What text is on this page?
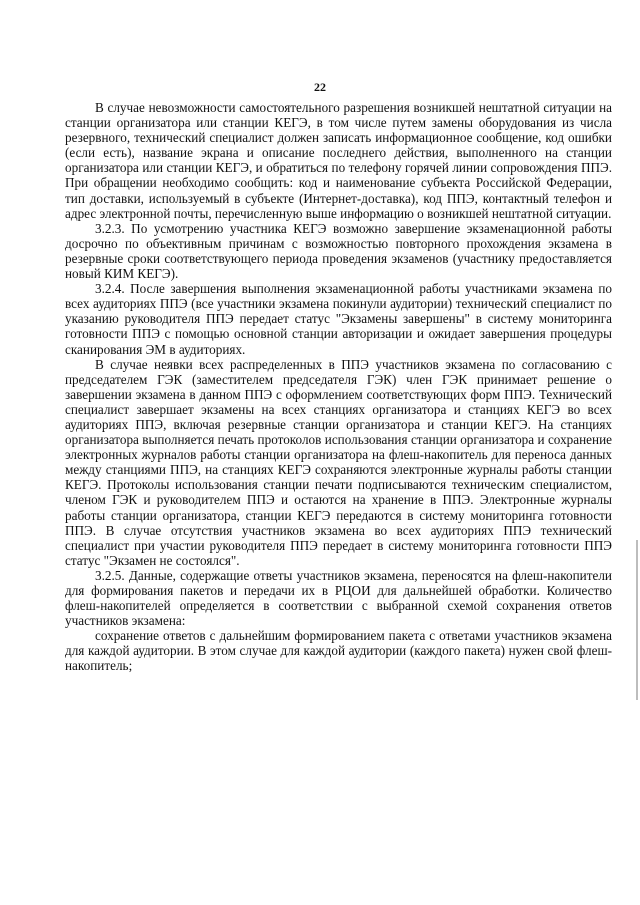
22

В случае невозможности самостоятельного разрешения возникшей нештатной ситуации на станции организатора или станции КЕГЭ, в том числе путем замены оборудования из числа резервного, технический специалист должен записать информационное сообщение, код ошибки (если есть), название экрана и описание последнего действия, выполненного на станции организатора или станции КЕГЭ, и обратиться по телефону горячей линии сопровождения ППЭ. При обращении необходимо сообщить: код и наименование субъекта Российской Федерации, тип доставки, используемый в субъекте (Интернет-доставка), код ППЭ, контактный телефон и адрес электронной почты, перечисленную выше информацию о возникшей нештатной ситуации.

3.2.3. По усмотрению участника КЕГЭ возможно завершение экзаменационной работы досрочно по объективным причинам с возможностью повторного прохождения экзамена в резервные сроки соответствующего периода проведения экзаменов (участнику предоставляется новый КИМ КЕГЭ).

3.2.4. После завершения выполнения экзаменационной работы участниками экзамена по всех аудиториях ППЭ (все участники экзамена покинули аудитории) технический специалист по указанию руководителя ППЭ передает статус "Экзамены завершены" в систему мониторинга готовности ППЭ с помощью основной станции авторизации и ожидает завершения процедуры сканирования ЭМ в аудиториях.

В случае неявки всех распределенных в ППЭ участников экзамена по согласованию с председателем ГЭК (заместителем председателя ГЭК) член ГЭК принимает решение о завершении экзамена в данном ППЭ с оформлением соответствующих форм ППЭ. Технический специалист завершает экзамены на всех станциях организатора и станциях КЕГЭ во всех аудиториях ППЭ, включая резервные станции организатора и станции КЕГЭ. На станциях организатора выполняется печать протоколов использования станции организатора и сохранение электронных журналов работы станции организатора на флеш-накопитель для переноса данных между станциями ППЭ, на станциях КЕГЭ сохраняются электронные журналы работы станции КЕГЭ. Протоколы использования станции печати подписываются техническим специалистом, членом ГЭК и руководителем ППЭ и остаются на хранение в ППЭ. Электронные журналы работы станции организатора, станции КЕГЭ передаются в систему мониторинга готовности ППЭ. В случае отсутствия участников экзамена во всех аудиториях ППЭ технический специалист при участии руководителя ППЭ передает в систему мониторинга готовности ППЭ статус "Экзамен не состоялся".

3.2.5. Данные, содержащие ответы участников экзамена, переносятся на флеш-накопители для формирования пакетов и передачи их в РЦОИ для дальнейшей обработки. Количество флеш-накопителей определяется в соответствии с выбранной схемой сохранения ответов участников экзамена:

сохранение ответов с дальнейшим формированием пакета с ответами участников экзамена для каждой аудитории. В этом случае для каждой аудитории (каждого пакета) нужен свой флеш-накопитель;
